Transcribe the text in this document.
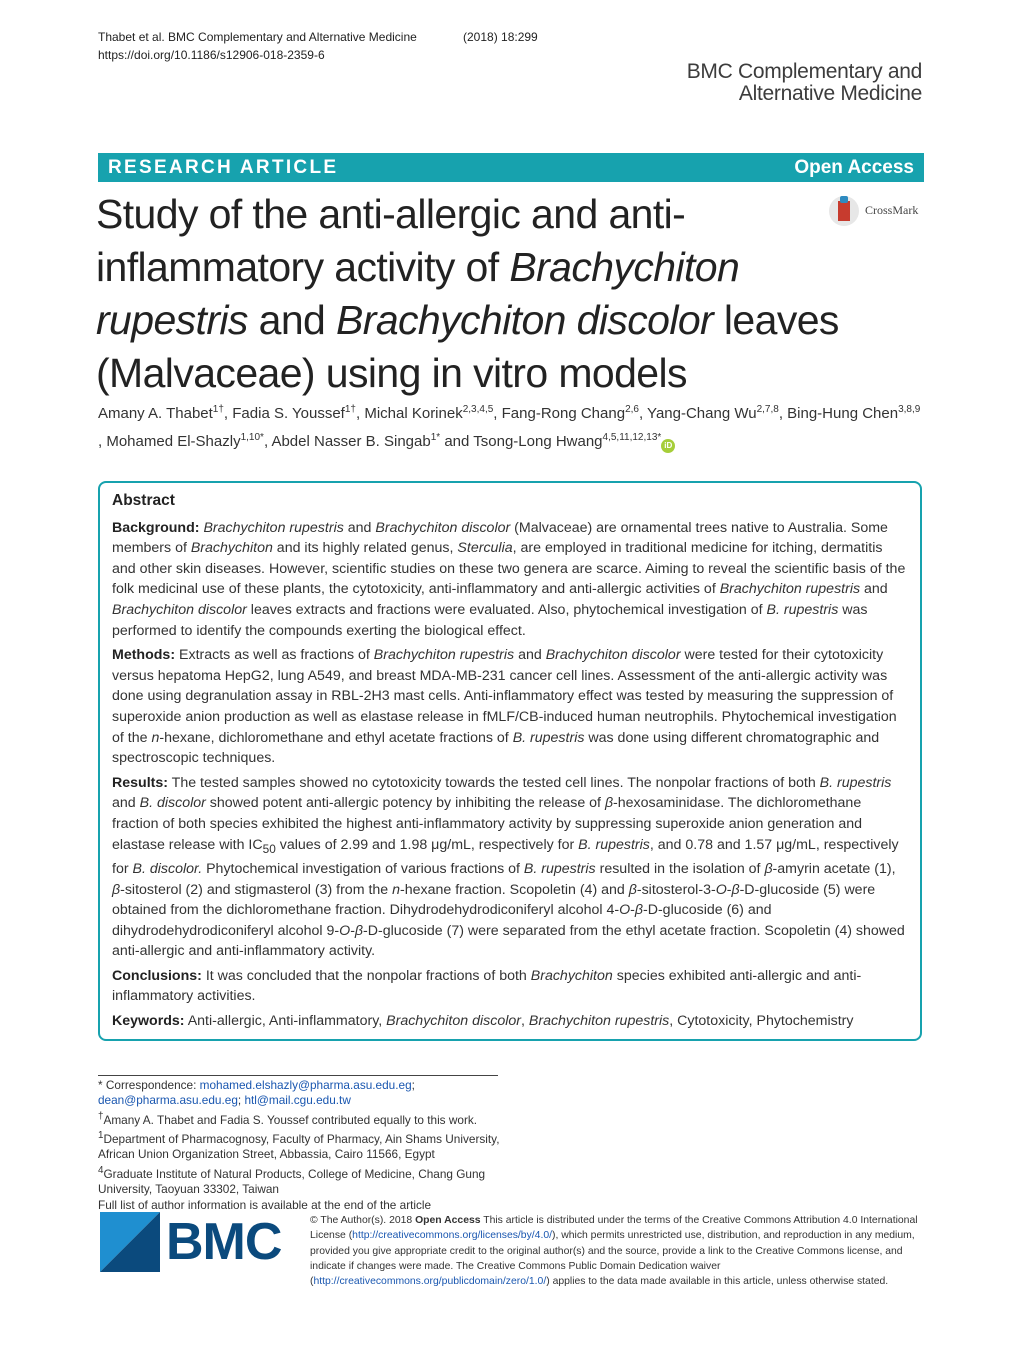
Thabet et al. BMC Complementary and Alternative Medicine	(2018) 18:299
https://doi.org/10.1186/s12906-018-2359-6
BMC Complementary and
Alternative Medicine
RESEARCH ARTICLE	Open Access
CrossMark
Study of the anti-allergic and anti-
inflammatory activity of Brachychiton
rupestris and Brachychiton discolor leaves
(Malvaceae) using in vitro models
Amany A. Thabet$^{1\dagger}$, Fadia S. Youssef$^{1\dagger}$, Michal Korinek$^{2,3,4,5}$, Fang-Rong Chang$^{2,6}$, Yang-Chang Wu$^{2,7,8}$, Bing-Hung Chen$^{3,8,9}$
, Mohamed El-Shazly$^{1,10*}$, Abdel Nasser B. Singab$^{1*}$ and Tsong-Long Hwang$^{4,5,11,12,13*}$iD
Abstract

Background: Brachychiton rupestris and Brachychiton discolor (Malvaceae) are ornamental trees native to Australia. Some members of Brachychiton and its highly related genus, Sterculia, are employed in traditional medicine for itching, dermatitis and other skin diseases. However, scientific studies on these two genera are scarce. Aiming to reveal the scientific basis of the folk medicinal use of these plants, the cytotoxicity, anti-inflammatory and anti-allergic activities of Brachychiton rupestris and Brachychiton discolor leaves extracts and fractions were evaluated. Also, phytochemical investigation of B. rupestris was performed to identify the compounds exerting the biological effect.

Methods: Extracts as well as fractions of Brachychiton rupestris and Brachychiton discolor were tested for their cytotoxicity versus hepatoma HepG2, lung A549, and breast MDA-MB-231 cancer cell lines. Assessment of the anti-allergic activity was done using degranulation assay in RBL-2H3 mast cells. Anti-inflammatory effect was tested by measuring the suppression of superoxide anion production as well as elastase release in fMLF/CB-induced human neutrophils. Phytochemical investigation of the n-hexane, dichloromethane and ethyl acetate fractions of B. rupestris was done using different chromatographic and spectroscopic techniques.

Results: The tested samples showed no cytotoxicity towards the tested cell lines. The nonpolar fractions of both B. rupestris and B. discolor showed potent anti-allergic potency by inhibiting the release of β-hexosaminidase. The dichloromethane fraction of both species exhibited the highest anti-inflammatory activity by suppressing superoxide anion generation and elastase release with $IC_{50}$ values of 2.99 and 1.98 μg/mL, respectively for B. rupestris, and 0.78 and 1.57 μg/mL, respectively for B. discolor. Phytochemical investigation of various fractions of B. rupestris resulted in the isolation of β-amyrin acetate (1), β-sitosterol (2) and stigmasterol (3) from the n-hexane fraction. Scopoletin (4) and β-sitosterol-3-O-β-D-glucoside (5) were obtained from the dichloromethane fraction. Dihydrodehydrodiconiferyl alcohol 4-O-β-D-glucoside (6) and dihydrodehydrodiconiferyl alcohol 9-O-β-D-glucoside (7) were separated from the ethyl acetate fraction. Scopoletin (4) showed anti-allergic and anti-inflammatory activity.

Conclusions: It was concluded that the nonpolar fractions of both Brachychiton species exhibited anti-allergic and anti-inflammatory activities.

Keywords: Anti-allergic, Anti-inflammatory, Brachychiton discolor, Brachychiton rupestris, Cytotoxicity, Phytochemistry

* Correspondence: mohamed.elshazly@pharma.asu.edu.eg;
dean@pharma.asu.edu.eg; htl@mail.cgu.edu.tw

†Amany A. Thabet and Fadia S. Youssef contributed equally to this work.

$^1$Department of Pharmacognosy, Faculty of Pharmacy, Ain Shams University, African Union Organization Street, Abbassia, Cairo 11566, Egypt

$^4$Graduate Institute of Natural Products, College of Medicine, Chang Gung University, Taoyuan 33302, Taiwan

Full list of author information is available at the end of the article

BMC	© The Author(s). 2018 Open Access This article is distributed under the terms of the Creative Commons Attribution 4.0 International License (http://creativecommons.org/licenses/by/4.0/), which permits unrestricted use, distribution, and reproduction in any medium, provided you give appropriate credit to the original author(s) and the source, provide a link to the Creative Commons license, and indicate if changes were made. The Creative Commons Public Domain Dedication waiver (http://creativecommons.org/publicdomain/zero/1.0/) applies to the data made available in this article, unless otherwise stated.
